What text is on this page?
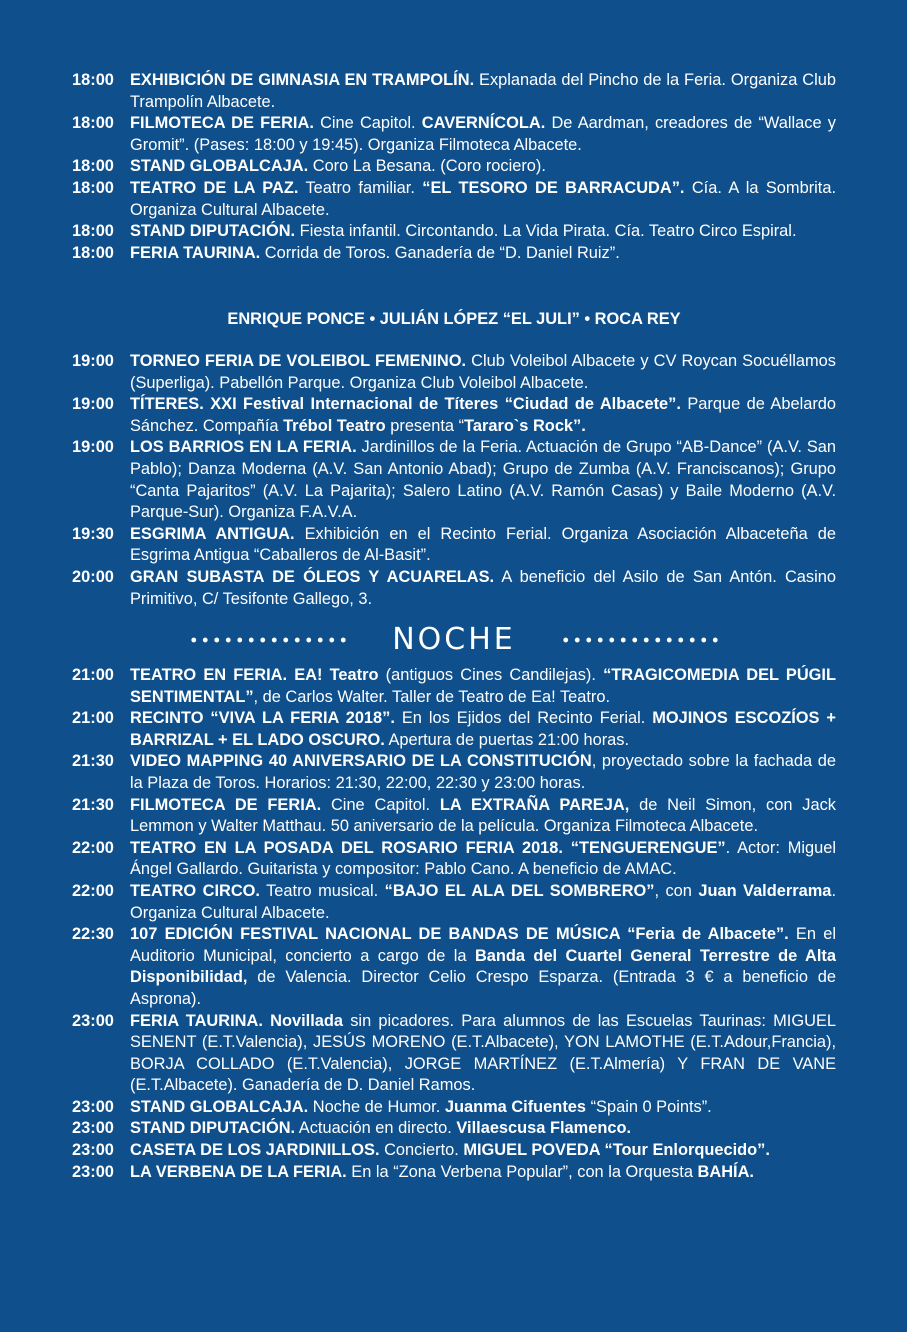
18:00 EXHIBICIÓN DE GIMNASIA EN TRAMPOLÍN. Explanada del Pincho de la Feria. Organiza Club Trampolín Albacete.
18:00 FILMOTECA DE FERIA. Cine Capitol. CAVERNÍCOLA. De Aardman, creadores de “Wallace y Gromit”. (Pases: 18:00 y 19:45). Organiza Filmoteca Albacete.
18:00 STAND GLOBALCAJA. Coro La Besana. (Coro rociero).
18:00 TEATRO DE LA PAZ. Teatro familiar. “EL TESORO DE BARRACUDA”. Cía. A la Sombrita. Organiza Cultural Albacete.
18:00 STAND DIPUTACIÓN. Fiesta infantil. Circontando. La Vida Pirata. Cía. Teatro Circo Espiral.
18:00 FERIA TAURINA. Corrida de Toros. Ganadería de “D. Daniel Ruiz”.
ENRIQUE PONCE • JULIÁN LÓPEZ “EL JULI” • ROCA REY
19:00 TORNEO FERIA DE VOLEIBOL FEMENINO. Club Voleibol Albacete y CV Roycan Socuéllamos (Superliga). Pabellón Parque. Organiza Club Voleibol Albacete.
19:00 TÍTERES. XXI Festival Internacional de Títeres “Ciudad de Albacete”. Parque de Abelardo Sánchez. Compañía Trébol Teatro presenta “Tararo`s Rock”.
19:00 LOS BARRIOS EN LA FERIA. Jardinillos de la Feria. Actuación de Grupo “AB-Dance” (A.V. San Pablo); Danza Moderna (A.V. San Antonio Abad); Grupo de Zumba (A.V. Franciscanos); Grupo “Canta Pajaritos” (A.V. La Pajarita); Salero Latino (A.V. Ramón Casas) y Baile Moderno (A.V. Parque-Sur). Organiza F.A.V.A.
19:30 ESGRIMA ANTIGUA. Exhibición en el Recinto Ferial. Organiza Asociación Albaceteña de Esgrima Antigua “Caballeros de Al-Basit”.
20:00 GRAN SUBASTA DE ÓLEOS Y ACUARELAS. A beneficio del Asilo de San Antón. Casino Primitivo, C/ Tesifonte Gallego, 3.
NOCHE
21:00 TEATRO EN FERIA. EA! Teatro (antiguos Cines Candilejas). “TRAGICOMEDIA DEL PÚGIL SENTIMENTAL”, de Carlos Walter. Taller de Teatro de Ea! Teatro.
21:00 RECINTO “VIVA LA FERIA 2018”. En los Ejidos del Recinto Ferial. MOJINOS ESCOZÍOS + BARRIZAL + EL LADO OSCURO. Apertura de puertas 21:00 horas.
21:30 VIDEO MAPPING 40 ANIVERSARIO DE LA CONSTITUCIÓN, proyectado sobre la fachada de la Plaza de Toros. Horarios: 21:30, 22:00, 22:30 y 23:00 horas.
21:30 FILMOTECA DE FERIA. Cine Capitol. LA EXTRAÑA PAREJA, de Neil Simon, con Jack Lemmon y Walter Matthau. 50 aniversario de la película. Organiza Filmoteca Albacete.
22:00 TEATRO EN LA POSADA DEL ROSARIO FERIA 2018. “TENGUERENGUE”. Actor: Miguel Ángel Gallardo. Guitarista y compositor: Pablo Cano. A beneficio de AMAC.
22:00 TEATRO CIRCO. Teatro musical. “BAJO EL ALA DEL SOMBRERO”, con Juan Valderrama. Organiza Cultural Albacete.
22:30 107 EDICIÓN FESTIVAL NACIONAL DE BANDAS DE MÚSICA “Feria de Albacete”. En el Auditorio Municipal, concierto a cargo de la Banda del Cuartel General Terrestre de Alta Disponibilidad, de Valencia. Director Celio Crespo Esparza. (Entrada 3 € a beneficio de Asprona).
23:00 FERIA TAURINA. Novillada sin picadores. Para alumnos de las Escuelas Taurinas: MIGUEL SENENT (E.T.Valencia), JESÚS MORENO (E.T.Albacete), YON LAMOTHE (E.T.Adour,Francia), BORJA COLLADO (E.T.Valencia), JORGE MARTÍNEZ (E.T.Almería) Y FRAN DE VANE (E.T.Albacete). Ganadería de D. Daniel Ramos.
23:00 STAND GLOBALCAJA. Noche de Humor. Juanma Cifuentes “Spain 0 Points”.
23:00 STAND DIPUTACIÓN. Actuación en directo. Villaescusa Flamenco.
23:00 CASETA DE LOS JARDINILLOS. Concierto. MIGUEL POVEDA “Tour Enlorquecido”.
23:00 LA VERBENA DE LA FERIA. En la “Zona Verbena Popular”, con la Orquesta BAHÍA.
